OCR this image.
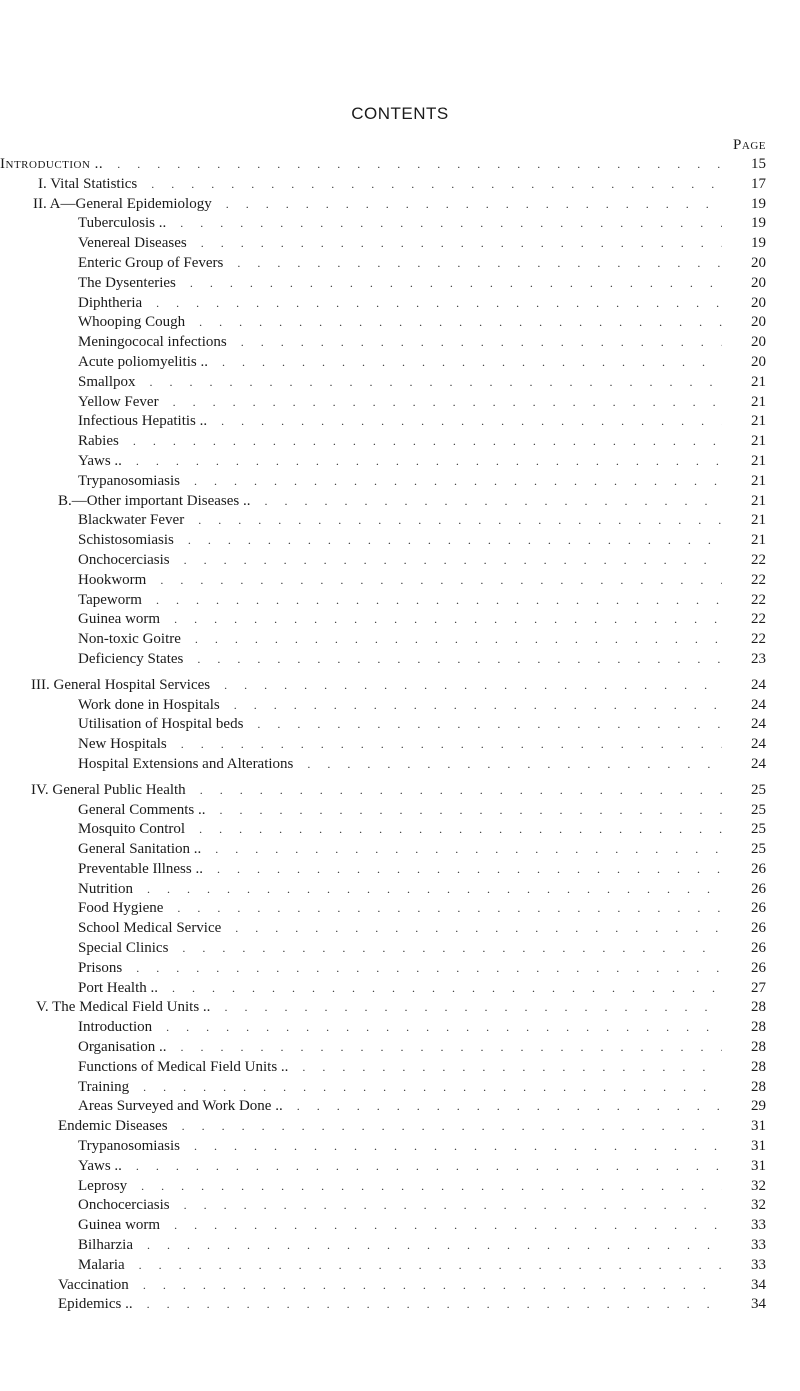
CONTENTS
Page
Introduction .. . . .	15
I. Vital Statistics . . .	17
II. A—General Epidemiology . . .	19
Tuberculosis .. . . .	19
Venereal Diseases . . .	19
Enteric Group of Fevers . . .	20
The Dysenteries . . .	20
Diphtheria . . .	20
Whooping Cough . . .	20
Meningococal infections . . .	20
Acute poliomyelitis .. . . .	20
Smallpox . . .	21
Yellow Fever . . .	21
Infectious Hepatitis .. . . .	21
Rabies . . .	21
Yaws .. . . .	21
Trypanosomiasis . . .	21
B.—Other important Diseases .. . . .	21
Blackwater Fever . . .	21
Schistosomiasis . . .	21
Onchocerciasis . . .	22
Hookworm . . .	22
Tapeworm . . .	22
Guinea worm . . .	22
Non-toxic Goitre . . .	22
Deficiency States . . .	23
III. General Hospital Services . . .	24
Work done in Hospitals . . .	24
Utilisation of Hospital beds . . .	24
New Hospitals . . .	24
Hospital Extensions and Alterations . . .	24
IV. General Public Health . . .	25
General Comments .. . . .	25
Mosquito Control . . .	25
General Sanitation .. . . .	25
Preventable Illness .. . . .	26
Nutrition . . .	26
Food Hygiene . . .	26
School Medical Service . . .	26
Special Clinics . . .	26
Prisons . . .	26
Port Health .. . . .	27
V. The Medical Field Units .. . . .	28
Introduction . . .	28
Organisation .. . . .	28
Functions of Medical Field Units .. . . .	28
Training . . .	28
Areas Surveyed and Work Done .. . . .	29
Endemic Diseases . . .	31
Trypanosomiasis . . .	31
Yaws .. . . .	31
Leprosy . . .	32
Onchocerciasis . . .	32
Guinea worm . . .	33
Bilharzia . . .	33
Malaria . . .	33
Vaccination . . .	34
Epidemics .. . . .	34
